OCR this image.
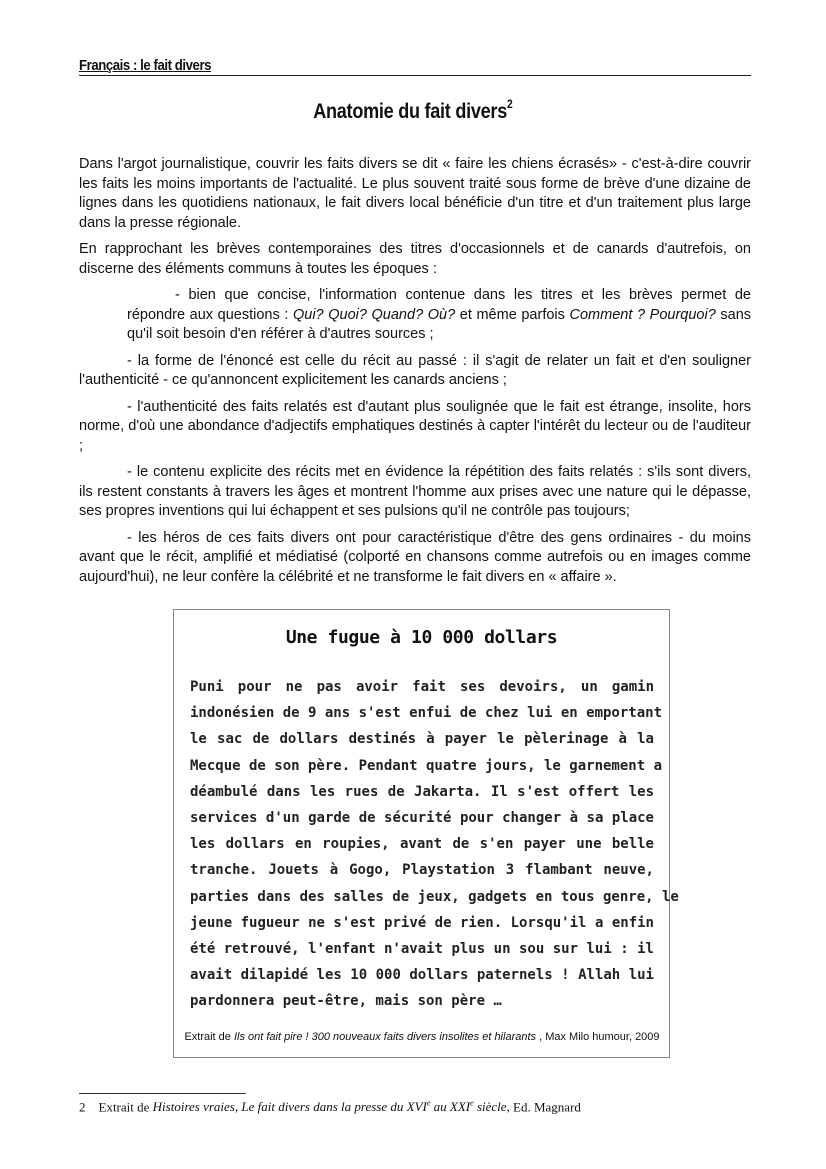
Français : le fait divers
Anatomie du fait divers$^2$

Dans l'argot journalistique, couvrir les faits divers se dit « faire les chiens écrasés» - c'est-à-dire couvrir les faits les moins importants de l'actualité. Le plus souvent traité sous forme de brève d'une dizaine de lignes dans les quotidiens nationaux, le fait divers local bénéficie d'un titre et d'un traitement plus large dans la presse régionale.

En rapprochant les brèves contemporaines des titres d'occasionnels et de canards d'autrefois, on discerne des éléments communs à toutes les époques :

- bien que concise, l'information contenue dans les titres et les brèves permet de répondre aux questions : Qui? Quoi? Quand? Où? et même parfois Comment ? Pourquoi? sans qu'il soit besoin d'en référer à d'autres sources ;

- la forme de l'énoncé est celle du récit au passé : il s'agit de relater un fait et d'en souligner l'authenticité - ce qu'annoncent explicitement les canards anciens ;

- l'authenticité des faits relatés est d'autant plus soulignée que le fait est étrange, insolite, hors norme, d'où une abondance d'adjectifs emphatiques destinés à capter l'intérêt du lecteur ou de l'auditeur ;

- le contenu explicite des récits met en évidence la répétition des faits relatés : s'ils sont divers, ils restent constants à travers les âges et montrent l'homme aux prises avec une nature qui le dépasse, ses propres inventions qui lui échappent et ses pulsions qu'il ne contrôle pas toujours;

- les héros de ces faits divers ont pour caractéristique d'être des gens ordinaires - du moins avant que le récit, amplifié et médiatisé (colporté en chansons comme autrefois ou en images comme aujourd'hui), ne leur confère la célébrité et ne transforme le fait divers en « affaire ».

Une fugue à 10 000 dollars
Puni pour ne pas avoir fait ses devoirs, un gamin
indonésien de 9 ans s'est enfui de chez lui en emportant
le sac de dollars destinés à payer le pèlerinage à la
Mecque de son père. Pendant quatre jours, le garnement a
déambulé dans les rues de Jakarta. Il s'est offert les
services d'un garde de sécurité pour changer à sa place
les dollars en roupies, avant de s'en payer une belle
tranche. Jouets à Gogo, Playstation 3 flambant neuve,
parties dans des salles de jeux, gadgets en tous genre, le
jeune fugueur ne s'est privé de rien. Lorsqu'il a enfin
été retrouvé, l'enfant n'avait plus un sou sur lui : il
avait dilapidé les 10 000 dollars paternels ! Allah lui
pardonnera peut-être, mais son père …
Extrait de Ils ont fait pire ! 300 nouveaux faits divers insolites et hilarants , Max Milo humour, 2009
2 Extrait de Histoires vraies, Le fait divers dans la presse du XVIe au XXIe siècle, Ed. Magnard
